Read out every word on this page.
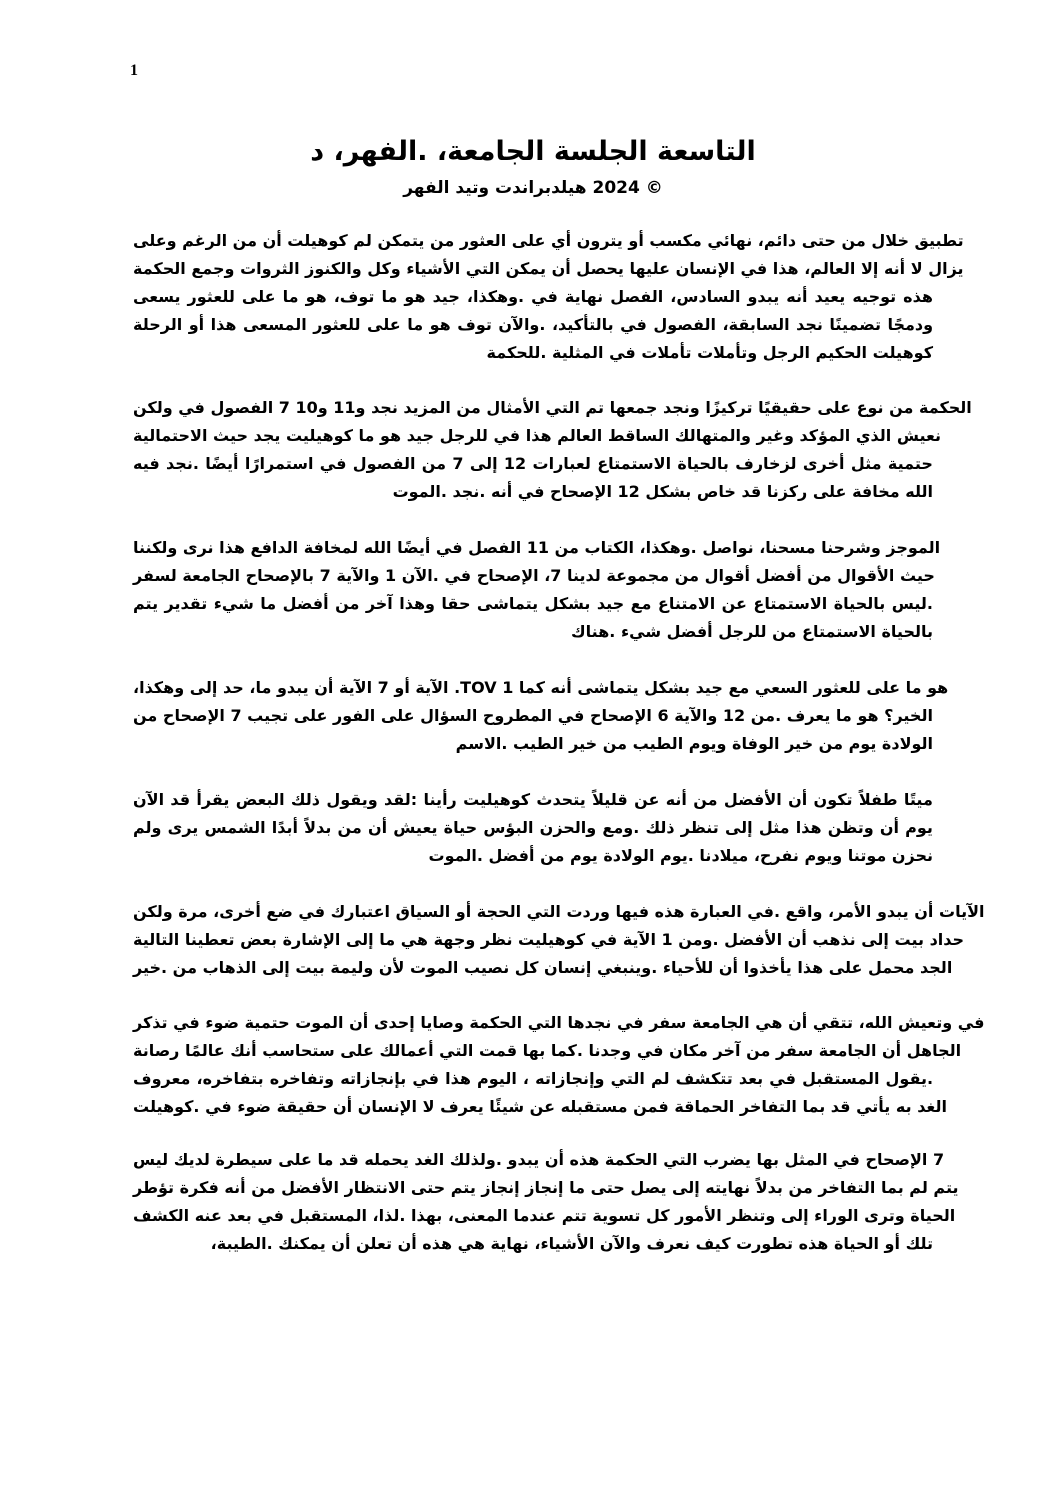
1
د .الفهر، الجامعة، الجلسة التاسعة
الفهر وتيد هيلدبراندت 2024 ©
وعلى الرغم من أن كوهيلت لم يتمكن من العثور على أي يترون أو مكسب نهائي دائم، حتى من خلال تطبيق
الحكمة وجمع الثروات والكنوز وكل الأشياء التي يمكن أن يحصل عليها الإنسان في هذا العالم، إلا أنه لا يزال
يسعى للعثور على ما هو توف، ما هو جيد .وهكذا، في نهاية الفصل السادس، يبدو أنه يعيد توجيه هذه
الرحلة أو هذا المسعى للعثور على ما هو توف .والآن بالتأكيد، في الفصول السابقة، نجد تضمينًا ودمجًا
.للحكمة المثلية في تأملات وتأملات الرجل الحكيم كوهيلت
ولكن في الفصول 7 و10 و11 نجد المزيد من الأمثال التي تم جمعها ونجد تركيزًا حقيقيًا على نوع من الحكمة
الاحتمالية حيث يجد كوهيليت ما هو جيد للرجل في هذا العالم الساقط والمتهالك وغير المؤكد الذي نعيش
فيه .نجد أيضًا استمرارًا في الفصول من 7 إلى 12 لعبارات الاستمتاع بالحياة لزخارف أخرى مثل حتمية
.الموت .نجد أنه في الإصحاح 12 بشكل خاص قد ركزنا على مخافة الله
ولكننا نرى هذا الدافع لمخافة الله أيضًا في الفصل 11 من الكتاب .وهكذا، نواصل مسحنا، وشرحنا الموجز
لسفر الجامعة بالإصحاح 7 والآية 1 .الآن في الإصحاح 7، لدينا مجموعة من أقوال أفضل من الأقوال حيث
يتم تقدير شيء ما أفضل من آخر وهذا حقا يتماشى بشكل جيد مع الامتناع عن الاستمتاع بالحياة .ليس
.هناك شيء أفضل للرجل من الاستمتاع بالحياة
وهكذا، إلى حد ما، يبدو أن الآية 7 أو الآية TOV. 1 كما أنه يتماشى بشكل جيد مع السعي للعثور على ما هو
من الإصحاح 7 تجيب على الفور على السؤال المطروح في الإصحاح 6 والآية 12 .من يعرف ما هو الخير؟
.الاسم الطيب خير من الطيب ويوم الوفاة خير من يوم الولادة
الآن قد يقرأ البعض ذلك ويقول :لقد رأينا كوهيليت يتحدث قليلاً عن أنه من الأفضل أن تكون طفلاً ميتًا
ولم يرى الشمس أبدًا بدلاً من أن يعيش حياة البؤس والحزن .ومع ذلك تنظر إلى مثل هذا وتظن أن يوم
.الموت أفضل من يوم الولادة .يوم ميلادنا نفرح، ويوم موتنا نحزن
ولكن مرة أخرى، ضع في اعتبارك السياق أو الحجة التي وردت فيها هذه العبارة .في واقع الأمر، يبدو أن الآيات
التالية تعطينا بعض الإشارة إلى ما هي وجهة نظر كوهيليت في الآية 1 .ومن الأفضل أن نذهب إلى بيت حداد
.خير من الذهاب إلى بيت وليمة لأن الموت نصيب كل إنسان .وينبغي للأحياء أن يأخذوا هذا على محمل الجد
تذكر في ضوء حتمية الموت أن إحدى وصايا الحكمة التي نجدها في سفر الجامعة هي أن تتقي الله، وتعيش في
رصانة عالمًا أنك ستحاسب على أعمالك التي قمت بها .كما وجدنا في مكان آخر من سفر الجامعة أن الجاهل
معروف بتفاخره، وتفاخره بإنجازاته في هذا اليوم ، وإنجازاته التي لم تتكشف بعد في المستقبل .يقول
.كوهيلت في ضوء حقيقة أن الإنسان لا يعرف شيئًا عن مستقبله فمن الحماقة التفاخر بما قد يأتي به الغد
ليس لديك سيطرة على ما قد يحمله الغد .ولذلك يبدو أن هذه الحكمة التي يضرب بها المثل في الإصحاح 7
تؤطر فكرة أنه من الأفضل الانتظار حتى يتم إنجاز إنجاز ما حتى يصل إلى نهايته بدلاً من التفاخر بما لم يتم
الكشف عنه بعد في المستقبل .لذا، بهذا المعنى، عندما تتم تسوية كل الأمور وتنظر إلى الوراء وترى الحياة
.الطيبة، يمكنك أن تعلن أن هذه هي نهاية الأشياء، والآن نعرف كيف تطورت هذه الحياة أو تلك
